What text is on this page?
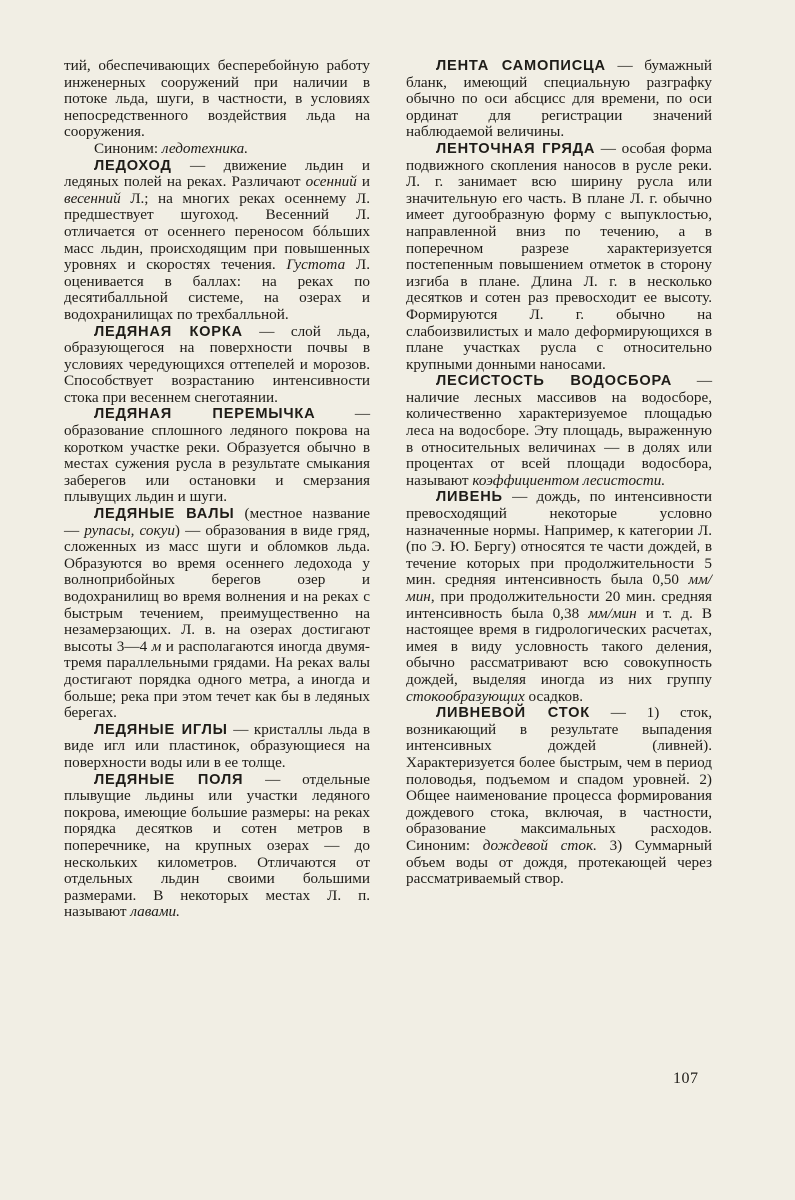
тий, обеспечивающих бесперебойную работу инженерных сооружений при наличии в потоке льда, шуги, в частности, в условиях непосредственного воздействия льда на сооружения.

Синоним: ледотехника.

ЛЕДОХОД — движение льдин и ледяных полей на реках. Различают осенний и весенний Л.; на многих реках осеннему Л. предшествует шугоход. Весенний Л. отличается от осеннего переносом бóльших масс льдин, происходящим при повышенных уровнях и скоростях течения. Густота Л. оценивается в баллах: на реках по десятибалльной системе, на озерах и водохранилищах по трехбалльной.

ЛЕДЯНАЯ КОРКА — слой льда, образующегося на поверхности почвы в условиях чередующихся оттепелей и морозов. Способствует возрастанию интенсивности стока при весеннем снеготаянии.

ЛЕДЯНАЯ ПЕРЕМЫЧКА — образование сплошного ледяного покрова на коротком участке реки. Образуется обычно в местах сужения русла в результате смыкания заберегов или остановки и смерзания плывущих льдин и шуги.

ЛЕДЯНЫЕ ВАЛЫ (местное название — рупасы, сокуи) — образования в виде гряд, сложенных из масс шуги и обломков льда. Образуются во время осеннего ледохода у волноприбойных берегов озер и водохранилищ во время волнения и на реках с быстрым течением, преимущественно на незамерзающих. Л. в. на озерах достигают высоты 3—4 м и располагаются иногда двумя-тремя параллельными грядами. На реках валы достигают порядка одного метра, а иногда и больше; река при этом течет как бы в ледяных берегах.

ЛЕДЯНЫЕ ИГЛЫ — кристаллы льда в виде игл или пластинок, образующиеся на поверхности воды или в ее толще.

ЛЕДЯНЫЕ ПОЛЯ — отдельные плывущие льдины или участки ледяного покрова, имеющие большие размеры: на реках порядка десятков и сотен метров в поперечнике, на крупных озерах — до нескольких километров. Отличаются от отдельных льдин своими большими размерами. В некоторых местах Л. п. называют лавами.

ЛЕНТА САМОПИСЦА — бумажный бланк, имеющий специальную разграфку обычно по оси абсцисс для времени, по оси ординат для регистрации значений наблюдаемой величины.

ЛЕНТОЧНАЯ ГРЯДА — особая форма подвижного скопления наносов в русле реки. Л. г. занимает всю ширину русла или значительную его часть. В плане Л. г. обычно имеет дугообразную форму с выпуклостью, направленной вниз по течению, а в поперечном разрезе характеризуется постепенным повышением отметок в сторону изгиба в плане. Длина Л. г. в несколько десятков и сотен раз превосходит ее высоту. Формируются Л. г. обычно на слабоизвилистых и мало деформирующихся в плане участках русла с относительно крупными донными наносами.

ЛЕСИСТОСТЬ ВОДОСБОРА — наличие лесных массивов на водосборе, количественно характеризуемое площадью леса на водосборе. Эту площадь, выраженную в относительных величинах — в долях или процентах от всей площади водосбора, называют коэффициентом лесистости.

ЛИВЕНЬ — дождь, по интенсивности превосходящий некоторые условно назначенные нормы. Например, к категории Л. (по Э. Ю. Бергу) относятся те части дождей, в течение которых при продолжительности 5 мин. средняя интенсивность была 0,50 мм/мин, при продолжительности 20 мин. средняя интенсивность была 0,38 мм/мин и т. д. В настоящее время в гидрологических расчетах, имея в виду условность такого деления, обычно рассматривают всю совокупность дождей, выделяя иногда из них группу стокообразующих осадков.

ЛИВНЕВОЙ СТОК — 1) сток, возникающий в результате выпадения интенсивных дождей (ливней). Характеризуется более быстрым, чем в период половодья, подъемом и спадом уровней. 2) Общее наименование процесса формирования дождевого стока, включая, в частности, образование максимальных расходов. Синоним: дождевой сток. 3) Суммарный объем воды от дождя, протекающей через рассматриваемый створ.

107
